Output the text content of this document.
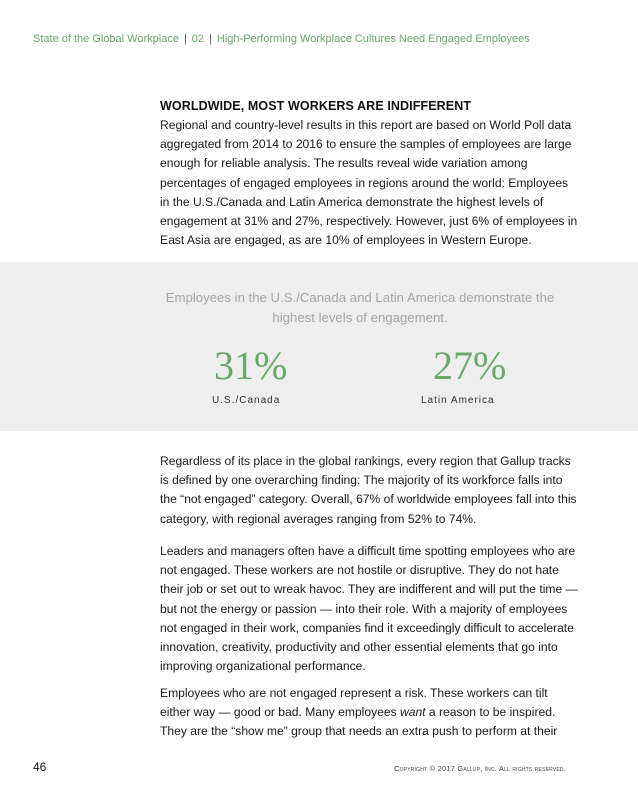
State of the Global Workplace | 02 | High-Performing Workplace Cultures Need Engaged Employees
WORLDWIDE, MOST WORKERS ARE INDIFFERENT

Regional and country-level results in this report are based on World Poll data aggregated from 2014 to 2016 to ensure the samples of employees are large enough for reliable analysis. The results reveal wide variation among percentages of engaged employees in regions around the world: Employees in the U.S./Canada and Latin America demonstrate the highest levels of engagement at 31% and 27%, respectively. However, just 6% of employees in East Asia are engaged, as are 10% of employees in Western Europe.

Employees in the U.S./Canada and Latin America demonstrate the highest levels of engagement.
31%
U.S./Canada
27%
Latin America

Regardless of its place in the global rankings, every region that Gallup tracks is defined by one overarching finding: The majority of its workforce falls into the “not engaged” category. Overall, 67% of worldwide employees fall into this category, with regional averages ranging from 52% to 74%.

Leaders and managers often have a difficult time spotting employees who are not engaged. These workers are not hostile or disruptive. They do not hate their job or set out to wreak havoc. They are indifferent and will put the time — but not the energy or passion — into their role. With a majority of employees not engaged in their work, companies find it exceedingly difficult to accelerate innovation, creativity, productivity and other essential elements that go into improving organizational performance.

Employees who are not engaged represent a risk. These workers can tilt either way — good or bad. Many employees want a reason to be inspired. They are the “show me” group that needs an extra push to perform at their

46	Copyright © 2017 Gallup, Inc. All rights reserved.
